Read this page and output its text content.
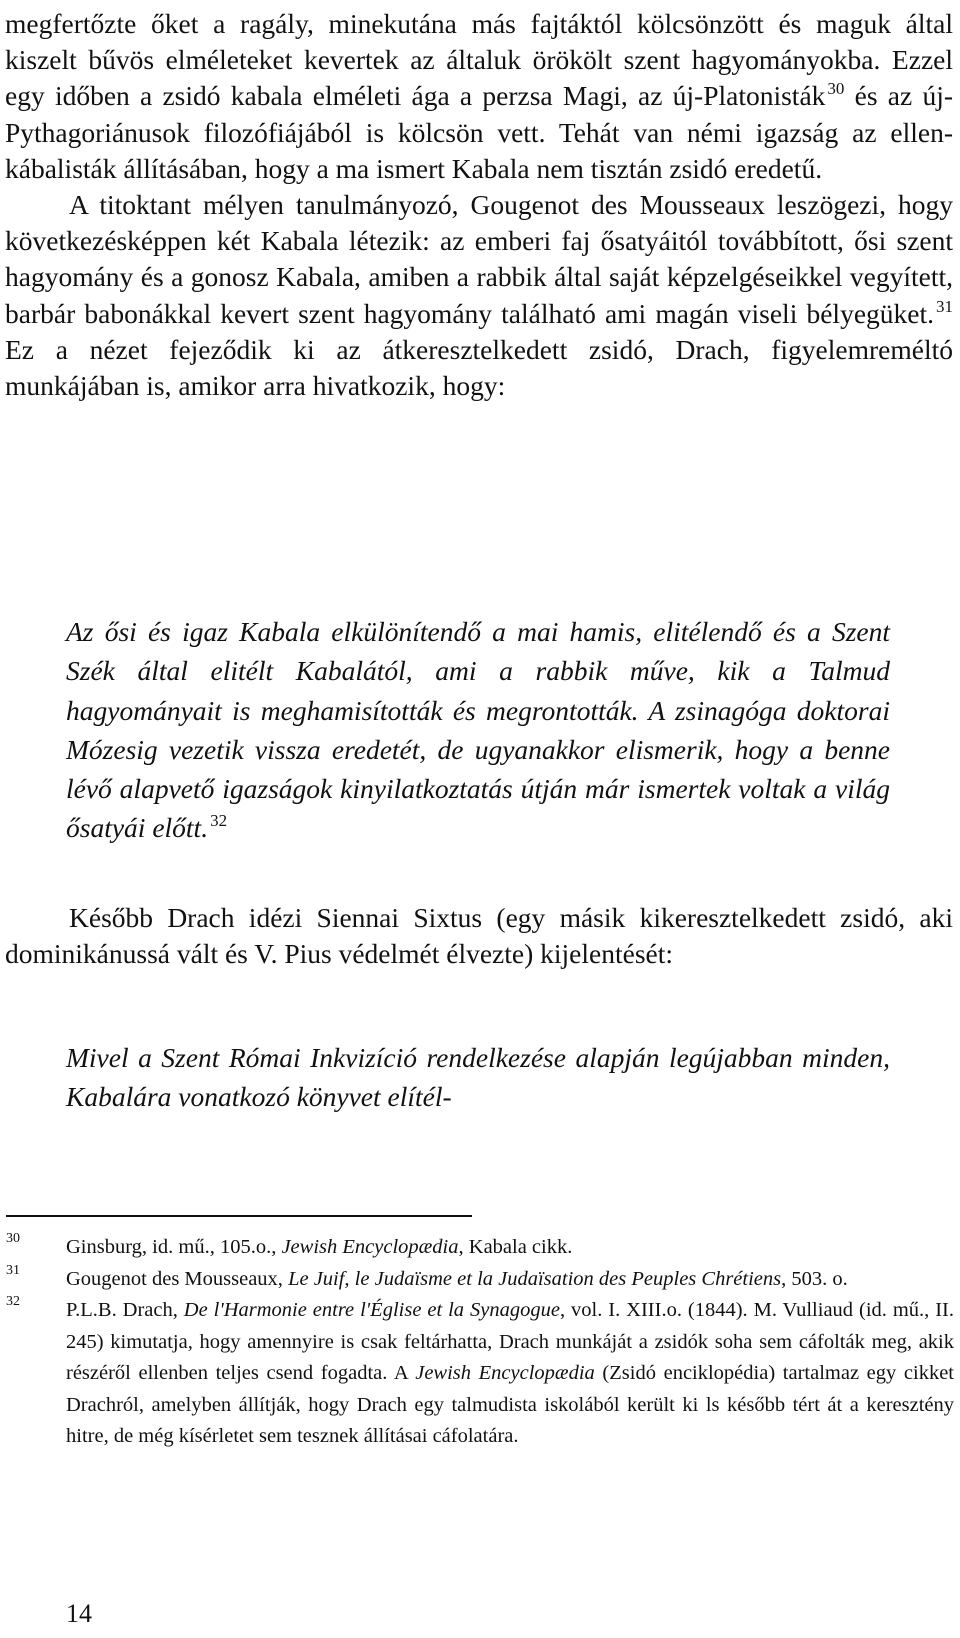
megfertőzte őket a ragály, minekutána más fajtáktól kölcsönzött és maguk által kiszelt bűvös elméleteket kevertek az általuk örökölt szent hagyományokba. Ezzel egy időben a zsidó kabala elméleti ága a perzsa Magi, az új-Platonisták $^{30}$ és az új-Pythagoriánusok filozófiájából is kölcsön vett. Tehát van némi igazság az ellen-kábalisták állításában, hogy a ma ismert Kabala nem tisztán zsidó eredetű.

A titoktant mélyen tanulmányozó, Gougenot des Mousseaux leszögezi, hogy következésképpen két Kabala létezik: az emberi faj ősatyáitól továbbított, ősi szent hagyomány és a gonosz Kabala, amiben a rabbik által saját képzelgéseikkel vegyített, barbár babonákkal kevert szent hagyomány található ami magán viseli bélyegüket. $^{31}$ Ez a nézet fejeződik ki az átkeresztelkedett zsidó, Drach, figyelemreméltó munkájában is, amikor arra hivatkozik, hogy:

Az ősi és igaz Kabala elkülönítendő a mai hamis, elitélendő és a Szent Szék által elitélt Kabalától, ami a rabbik műve, kik a Talmud hagyományait is meghamisították és megrontották. A zsinagóga doktorai Mózesig vezetik vissza eredetét, de ugyanakkor elismerik, hogy a benne lévő alapvető igazságok kinyilatkoztatás útján már ismertek voltak a világ ősatyái előtt. $^{32}$

Később Drach idézi Siennai Sixtus (egy másik kikeresztelkedett zsidó, aki dominikánussá vált és V. Pius védelmét élvezte) kijelentését:

Mivel a Szent Római Inkvizíció rendelkezése alapján legújabban minden, Kabalára vonatkozó könyvet elítél-
30 Ginsburg, id. mű., 105.o., Jewish Encyclopædia, Kabala cikk.
31 Gougenot des Mousseaux, Le Juif, le Judaïsme et la Judaïsation des Peuples Chrétiens, 503. o.
32 P.L.B. Drach, De l'Harmonie entre l'Église et la Synagogue, vol. I. XIII.o. (1844). M. Vulliaud (id. mű., II. 245) kimutatja, hogy amennyire is csak feltárhatta, Drach munkáját a zsidók soha sem cáfolták meg, akik részéről ellenben teljes csend fogadta. A Jewish Encyclopædia (Zsidó enciklopédia) tartalmaz egy cikket Drachról, amelyben állítják, hogy Drach egy talmudista iskolából került ki ls később tért át a keresztény hitre, de még kísérletet sem tesznek állításai cáfolatára.
14
